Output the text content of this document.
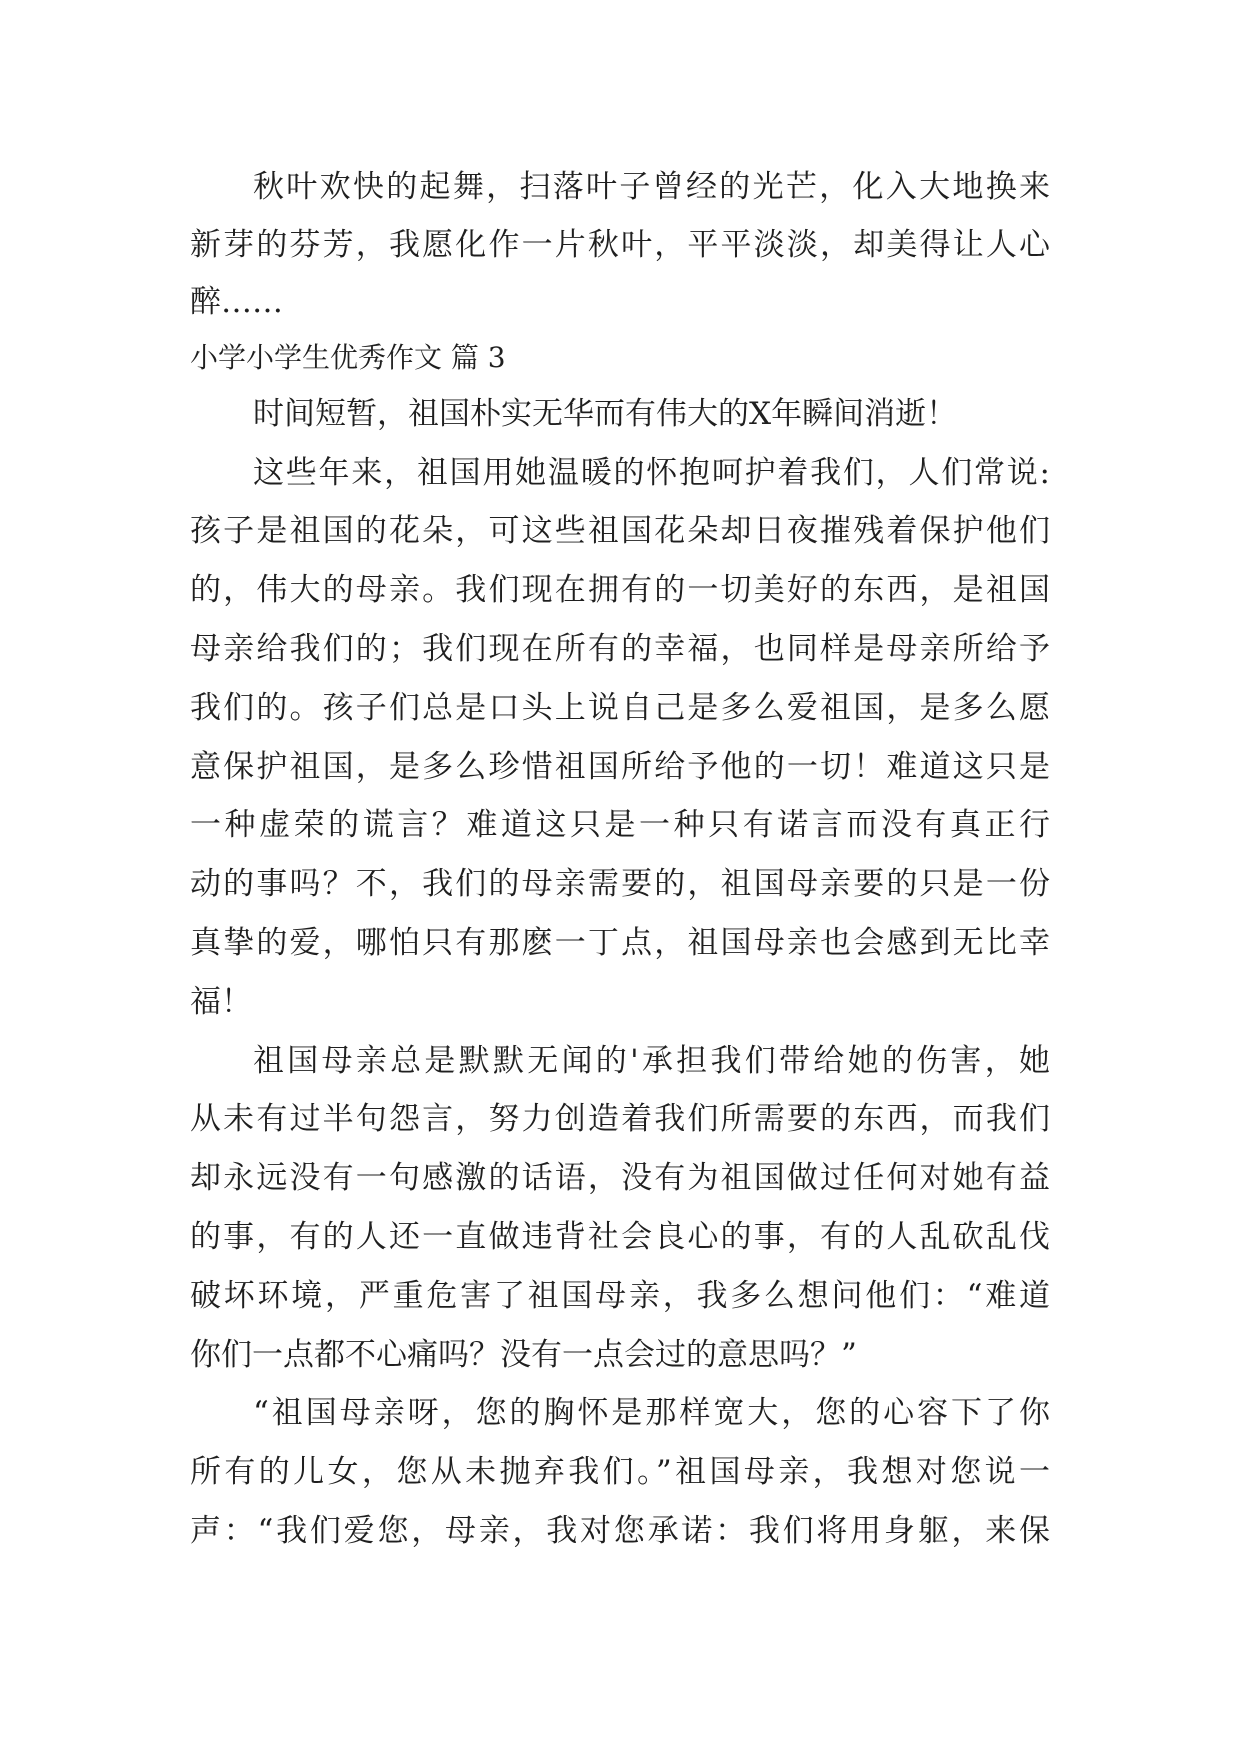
秋叶欢快的起舞，扫落叶子曾经的光芒，化入大地换来
新芽的芬芳，我愿化作一片秋叶，平平淡淡，却美得让人心
醉……
小学小学生优秀作文 篇 3
时间短暂，祖国朴实无华而有伟大的X年瞬间消逝！
这些年来，祖国用她温暖的怀抱呵护着我们，人们常说:
孩子是祖国的花朵，可这些祖国花朵却日夜摧残着保护他们
的，伟大的母亲。我们现在拥有的一切美好的东西，是祖国
母亲给我们的；我们现在所有的幸福，也同样是母亲所给予
我们的。孩子们总是口头上说自己是多么爱祖国，是多么愿
意保护祖国，是多么珍惜祖国所给予他的一切！难道这只是
一种虚荣的谎言？难道这只是一种只有诺言而没有真正行
动的事吗？不，我们的母亲需要的，祖国母亲要的只是一份
真挚的爱，哪怕只有那麽一丁点，祖国母亲也会感到无比幸
福！
祖国母亲总是默默无闻的'承担我们带给她的伤害，她
从未有过半句怨言，努力创造着我们所需要的东西，而我们
却永远没有一句感激的话语，没有为祖国做过任何对她有益
的事，有的人还一直做违背社会良心的事，有的人乱砍乱伐
破坏环境，严重危害了祖国母亲，我多么想问他们：“难道
你们一点都不心痛吗？没有一点会过的意思吗？”
“祖国母亲呀，您的胸怀是那样宽大，您的心容下了你
所有的儿女，您从未抛弃我们。”祖国母亲，我想对您说一
声：“我们爱您，母亲，我对您承诺：我们将用身躯，来保
